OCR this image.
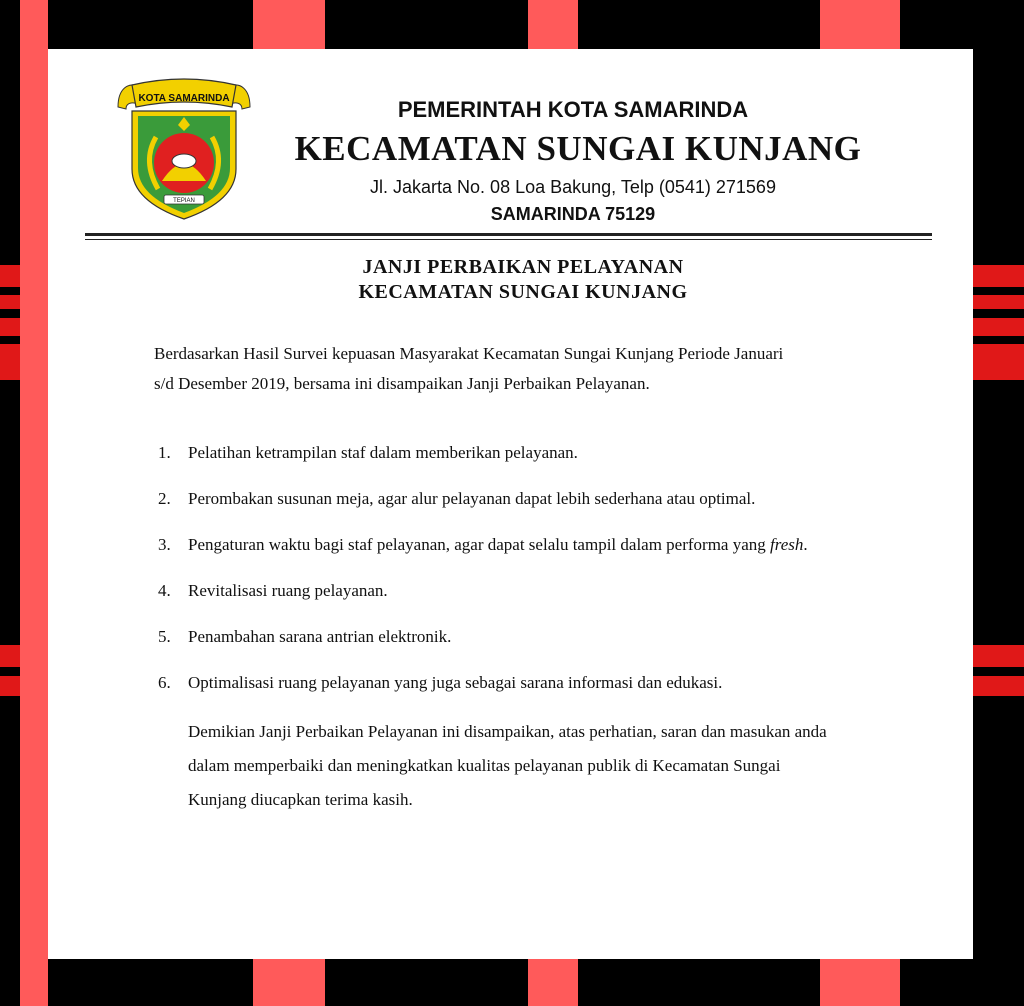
KOTA SAMARINDA
TEPIAN
PEMERINTAH KOTA SAMARINDA
KECAMATAN SUNGAI KUNJANG
Jl. Jakarta No. 08 Loa Bakung, Telp (0541) 271569
SAMARINDA 75129
JANJI PERBAIKAN PELAYANAN
KECAMATAN SUNGAI KUNJANG
Berdasarkan Hasil Survei kepuasan Masyarakat Kecamatan Sungai Kunjang Periode Januari
s/d Desember 2019, bersama ini disampaikan Janji Perbaikan Pelayanan.
1.	Pelatihan ketrampilan staf dalam memberikan pelayanan.
2.	Perombakan susunan meja, agar alur pelayanan dapat lebih sederhana atau optimal.
3.	Pengaturan waktu bagi staf pelayanan, agar dapat selalu tampil dalam performa yang fresh.
4.	Revitalisasi ruang pelayanan.
5.	Penambahan sarana antrian elektronik.
6.	Optimalisasi ruang pelayanan yang juga sebagai sarana informasi dan edukasi.
Demikian Janji Perbaikan Pelayanan ini disampaikan, atas perhatian, saran dan masukan anda
dalam memperbaiki dan meningkatkan kualitas pelayanan publik di Kecamatan Sungai
Kunjang diucapkan terima kasih.
